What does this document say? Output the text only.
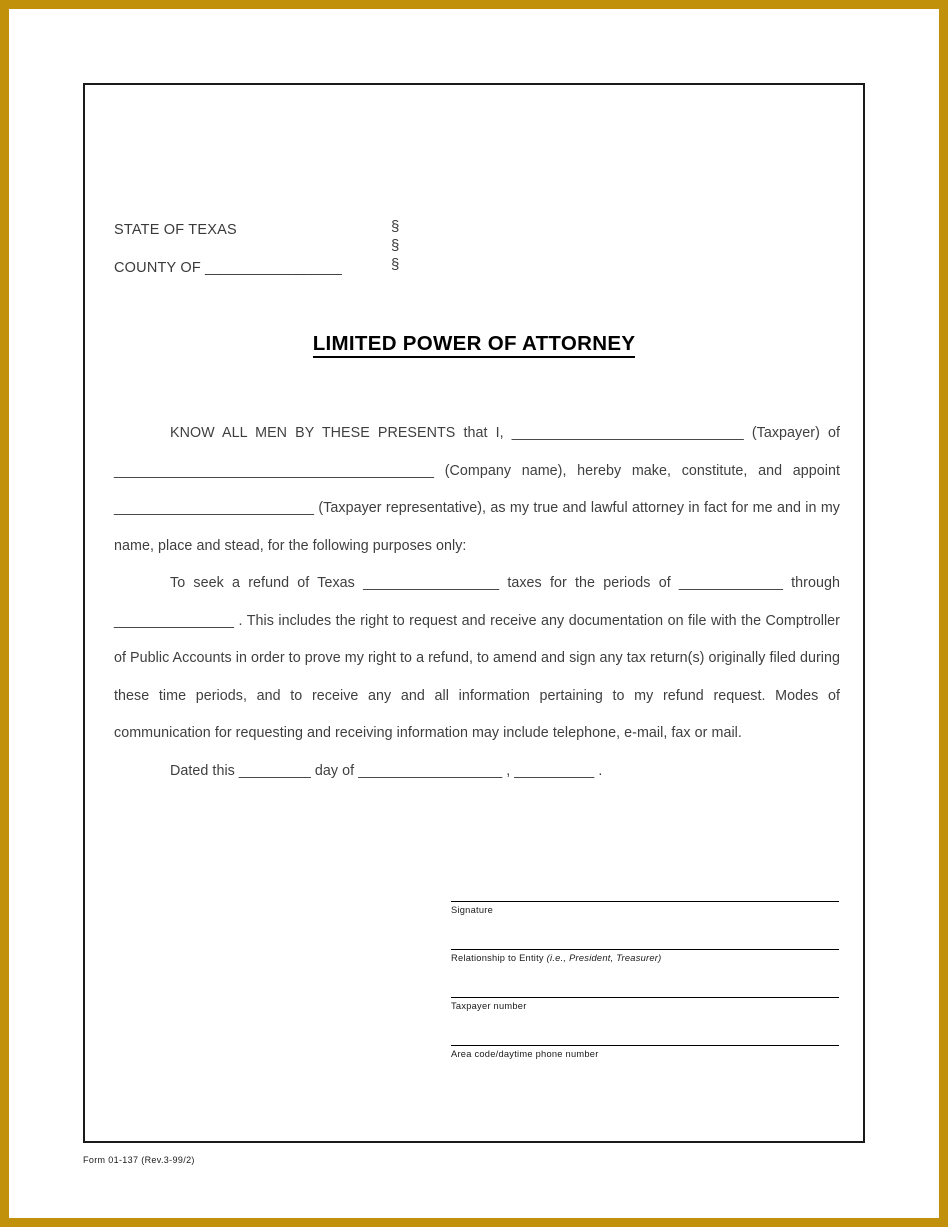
STATE OF TEXAS
COUNTY OF __________________
§
§
§
LIMITED POWER OF ATTORNEY

KNOW ALL MEN BY THESE PRESENTS that I, _____________________________ (Taxpayer) of ________________________________________ (Company name), hereby make, constitute, and appoint _________________________ (Taxpayer representative), as my true and lawful attorney in fact for me and in my name, place and stead, for the following purposes only:

To seek a refund of Texas _________________ taxes for the periods of _____________ through _______________ . This includes the right to request and receive any documentation on file with the Comptroller of Public Accounts in order to prove my right to a refund, to amend and sign any tax return(s) originally filed during these time periods, and to receive any and all information pertaining to my refund request. Modes of communication for requesting and receiving information may include telephone, e-mail, fax or mail.

Dated this _________ day of __________________ , __________ .

Signature
Relationship to Entity (i.e., President, Treasurer)
Taxpayer number
Area code/daytime phone number
Form 01-137 (Rev.3-99/2)
